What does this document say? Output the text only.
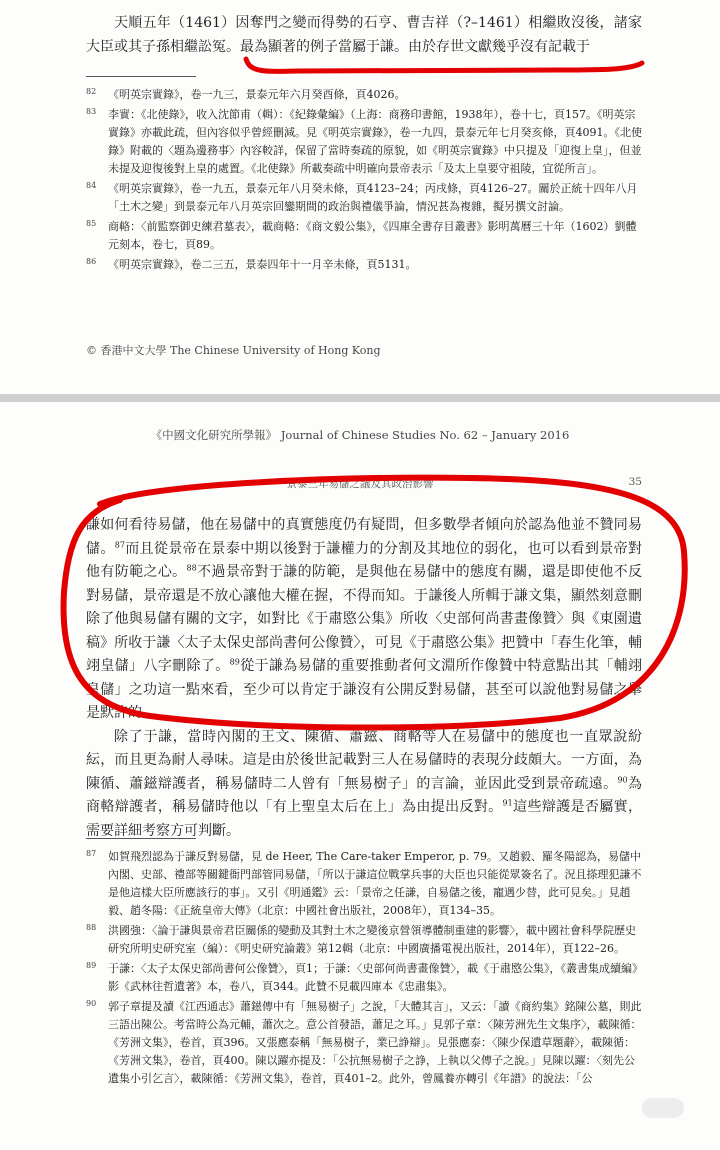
天順五年（1461）因奪門之變而得勢的石亨、曹吉祥（?–1461）相繼敗沒後，諸家大臣或其子孫相繼訟冤。最為顯著的例子當屬于謙。由於存世文獻幾乎沒有記載于

82 《明英宗實錄》，卷一九三，景泰元年六月癸酉條，頁4026。
83 李實：《北使錄》，收入沈節甫（輯）：《紀錄彙編》（上海：商務印書館，1938年），卷十七，頁157。《明英宗實錄》亦載此疏，但內容似乎曾經刪減。見《明英宗實錄》，卷一九四，景泰元年七月癸亥條，頁4091。《北使錄》附載的〈題為邊務事〉內容較詳，保留了當時奏疏的原貌，如《明英宗實錄》中只提及「迎復上皇」，但並未提及迎復後對上皇的處置。《北使錄》所載奏疏中明確向景帝表示「及太上皇要守祖陵，宜從所言」。
84 《明英宗實錄》，卷一九五，景泰元年八月癸未條，頁4123–24；丙戌條，頁4126–27。關於正統十四年八月「土木之變」到景泰元年八月英宗回鑾期間的政治與禮儀爭論，情況甚為複雜，擬另撰文討論。
85 商輅：〈前監察御史練君墓表〉，載商輅：《商文毅公集》，《四庫全書存目叢書》影明萬曆三十年（1602）劉體元刻本，卷七，頁89。
86 《明英宗實錄》，卷二三五，景泰四年十一月辛未條，頁5131。
© 香港中文大學 The Chinese University of Hong Kong
《中國文化研究所學報》 Journal of Chinese Studies No. 62 – January 2016
景泰三年易儲之議及其政治影響	35

謙如何看待易儲，他在易儲中的真實態度仍有疑問，但多數學者傾向於認為他並不贊同易儲。$^{87}$而且從景帝在景泰中期以後對于謙權力的分割及其地位的弱化，也可以看到景帝對他有防範之心。$^{88}$不過景帝對于謙的防範，是與他在易儲中的態度有關，還是即使他不反對易儲，景帝還是不放心讓他大權在握，不得而知。于謙後人所輯于謙文集，顯然刻意刪除了他與易儲有關的文字，如對比《于肅愍公集》所收〈史部何尚書畫像贊〉與《東園遺稿》所收于謙〈太子太保史部尚書何公像贊〉，可見《于肅愍公集》把贊中「春生化筆，輔翊皇儲」八字刪除了。$^{89}$從于謙為易儲的重要推動者何文淵所作像贊中特意點出其「輔翊皇儲」之功這一點來看，至少可以肯定于謙沒有公開反對易儲，甚至可以說他對易儲之舉是默許的。

除了于謙，當時內閣的王文、陳循、蕭鎡、商輅等人在易儲中的態度也一直眾說紛紜，而且更為耐人尋味。這是由於後世記載對三人在易儲時的表現分歧頗大。一方面，為陳循、蕭鎡辯護者，稱易儲時二人曾有「無易樹子」的言論，並因此受到景帝疏遠。$^{90}$為商輅辯護者，稱易儲時他以「有上聖皇太后在上」為由提出反對。$^{91}$這些辯護是否屬實，需要詳細考察方可判斷。

87 如賀飛烈認為于謙反對易儲，見 de Heer, The Care-taker Emperor, p. 79。又趙毅、羅冬陽認為，易儲中內閣、史部、禮部等關鍵衙門部管同易儲，「所以于謙這位戰掌兵事的大臣也只能從眾簽名了。況且搽理犯謙不是他這樣大臣所應該行的事」。又引《明通鑑》云：「景帝之任謙，自易儲之後，寵遇少替，此可見矣。」見趙毅、趙冬陽：《正統皇帝大傳》（北京：中國社會出版社，2008年），頁134–35。
88 洪國強：〈論于謙與景帝君臣關係的變動及其對土木之變後京營領導體制重建的影響〉，載中國社會科學院歷史研究所明史研究室（編）：《明史研究論叢》第12輯（北京：中國廣播電視出版社，2014年），頁122–26。
89 于謙：〈太子太保史部尚書何公像贊〉，頁1；于謙：〈史部何尚書畫像贊〉，載《于肅愍公集》，《叢書集成續編》影《武林往哲遺著》本，卷八，頁344。此贊不見載四庫本《忠肅集》。
90 郭子章提及讀《江西通志》蕭鎡傳中有「無易樹子」之說，「大體其言」，又云：「讀《商約集》銘陳公墓，則此三語出陳公。考當時公為元輔，蕭次之。意公首發語，蕭足之耳。」見郭子章：〈陳芳洲先生文集序〉，載陳循：《芳洲文集》，卷首，頁396。又張應泰稱「無易樹子，業已諍辯」。見張應泰：〈陳少保遺草題辭〉，載陳循：《芳洲文集》，卷首，頁400。陳以躍亦提及：「公抗無易樹子之諍，上執以父傳子之說。」見陳以躍：〈刻先公遺集小引乞言〉，載陳循：《芳洲文集》，卷首，頁401–2。此外，曾鳳養亦轉引《年譜》的說法：「公
